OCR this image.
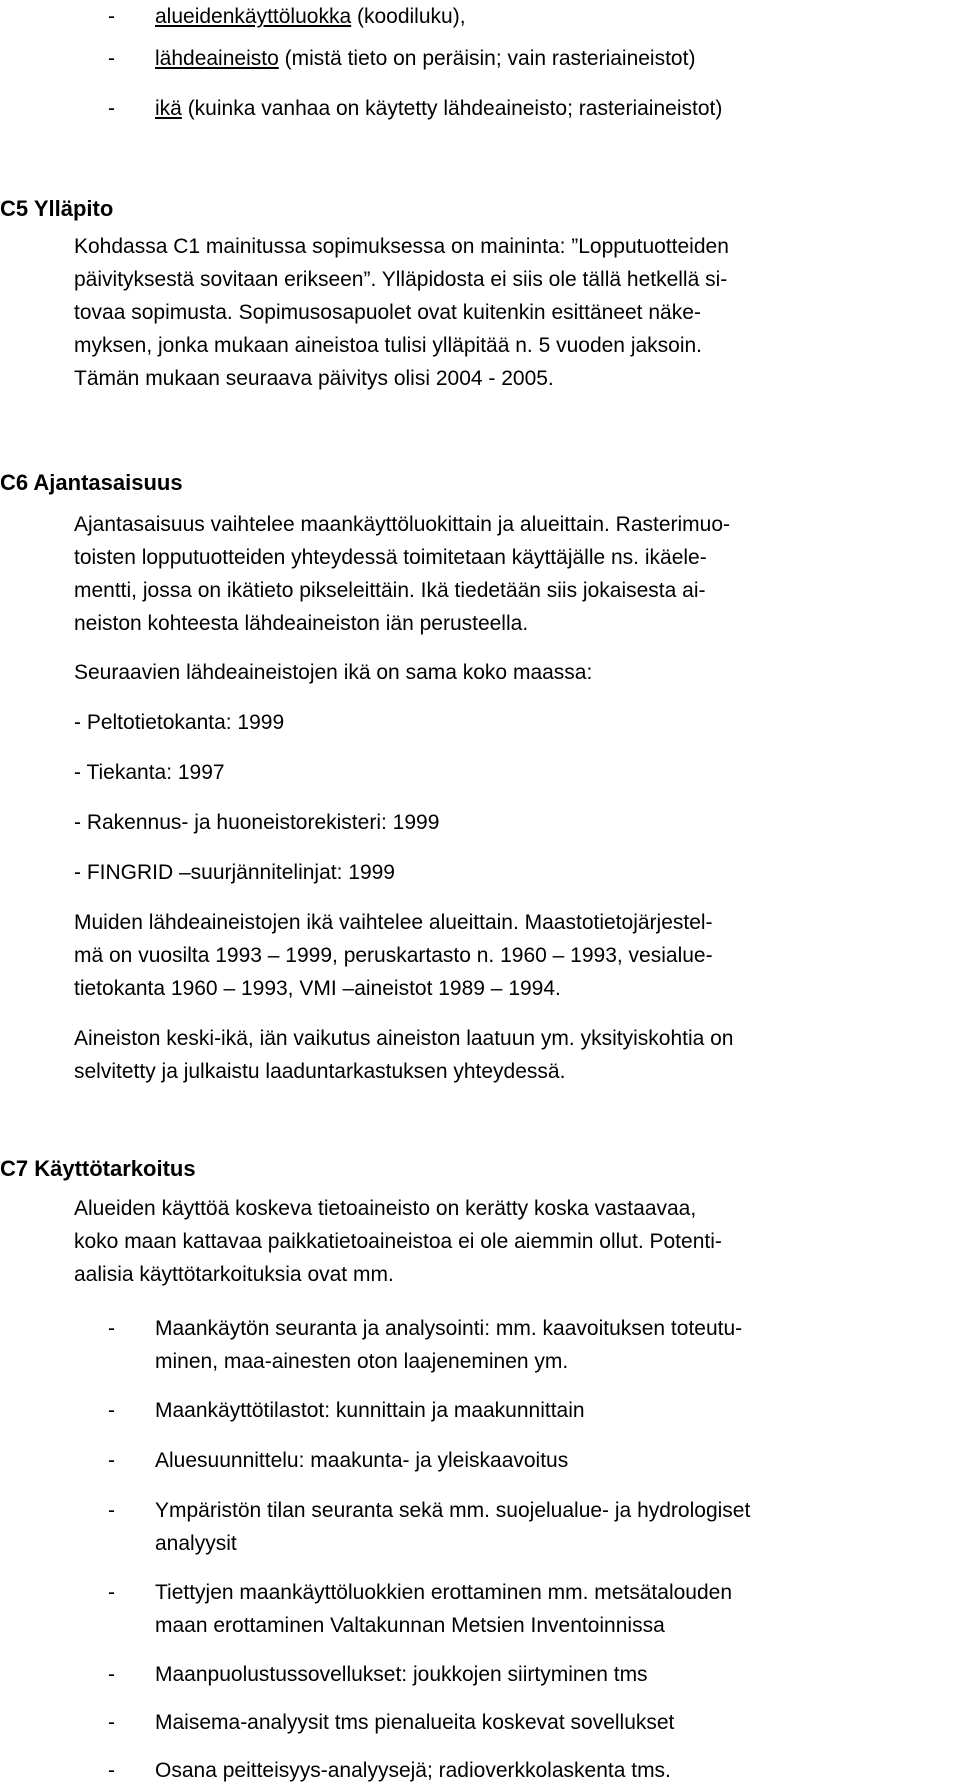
- alueidenkäyttöluokka (koodiluku),
- lähdeaineisto (mistä tieto on peräisin; vain rasteriaineistot)
- ikä (kuinka vanhaa on käytetty lähdeaineisto; rasteriaineistot)
C5 Ylläpito
Kohdassa C1 mainitussa sopimuksessa on maininta: ”Lopputuotteiden
päivityksestä sovitaan erikseen”. Ylläpidosta ei siis ole tällä hetkellä si-
tovaa sopimusta. Sopimusosapuolet ovat kuitenkin esittäneet näke-
myksen, jonka mukaan aineistoa tulisi ylläpitää n. 5 vuoden jaksoin.
Tämän mukaan seuraava päivitys olisi 2004 - 2005.
C6 Ajantasaisuus
Ajantasaisuus vaihtelee maankäyttöluokittain ja alueittain. Rasterimuo-
toisten lopputuotteiden yhteydessä toimitetaan käyttäjälle ns. ikäele-
mentti, jossa on ikätieto pikseleittäin. Ikä tiedetään siis jokaisesta ai-
neiston kohteesta lähdeaineiston iän perusteella.
Seuraavien lähdeaineistojen ikä on sama koko maassa:
- Peltotietokanta: 1999
- Tiekanta: 1997
- Rakennus- ja huoneistorekisteri: 1999
- FINGRID –suurjännitelinjat: 1999
Muiden lähdeaineistojen ikä vaihtelee alueittain. Maastotietojärjestel-
mä on vuosilta 1993 – 1999, peruskartasto n. 1960 – 1993, vesialue-
tietokanta 1960 – 1993, VMI –aineistot 1989 – 1994.
Aineiston keski-ikä, iän vaikutus aineiston laatuun ym. yksityiskohtia on
selvitetty ja julkaistu laaduntarkastuksen yhteydessä.
C7 Käyttötarkoitus
Alueiden käyttöä koskeva tietoaineisto on kerätty koska vastaavaa,
koko maan kattavaa paikkatietoaineistoa ei ole aiemmin ollut. Potenti-
aalisia käyttötarkoituksia ovat mm.
- Maankäytön seuranta ja analysointi: mm. kaavoituksen toteutu-
minen, maa-ainesten oton laajeneminen ym.
- Maankäyttötilastot: kunnittain ja maakunnittain
- Aluesuunnittelu: maakunta- ja yleiskaavoitus
- Ympäristön tilan seuranta sekä mm. suojelualue- ja hydrologiset
analyysit
- Tiettyjen maankäyttöluokkien erottaminen mm. metsätalouden
maan erottaminen Valtakunnan Metsien Inventoinnissa
- Maanpuolustussovellukset: joukkojen siirtyminen tms
- Maisema-analyysit tms pienalueita koskevat sovellukset
- Osana peitteisyys-analyysejä; radioverkkolaskenta tms.
